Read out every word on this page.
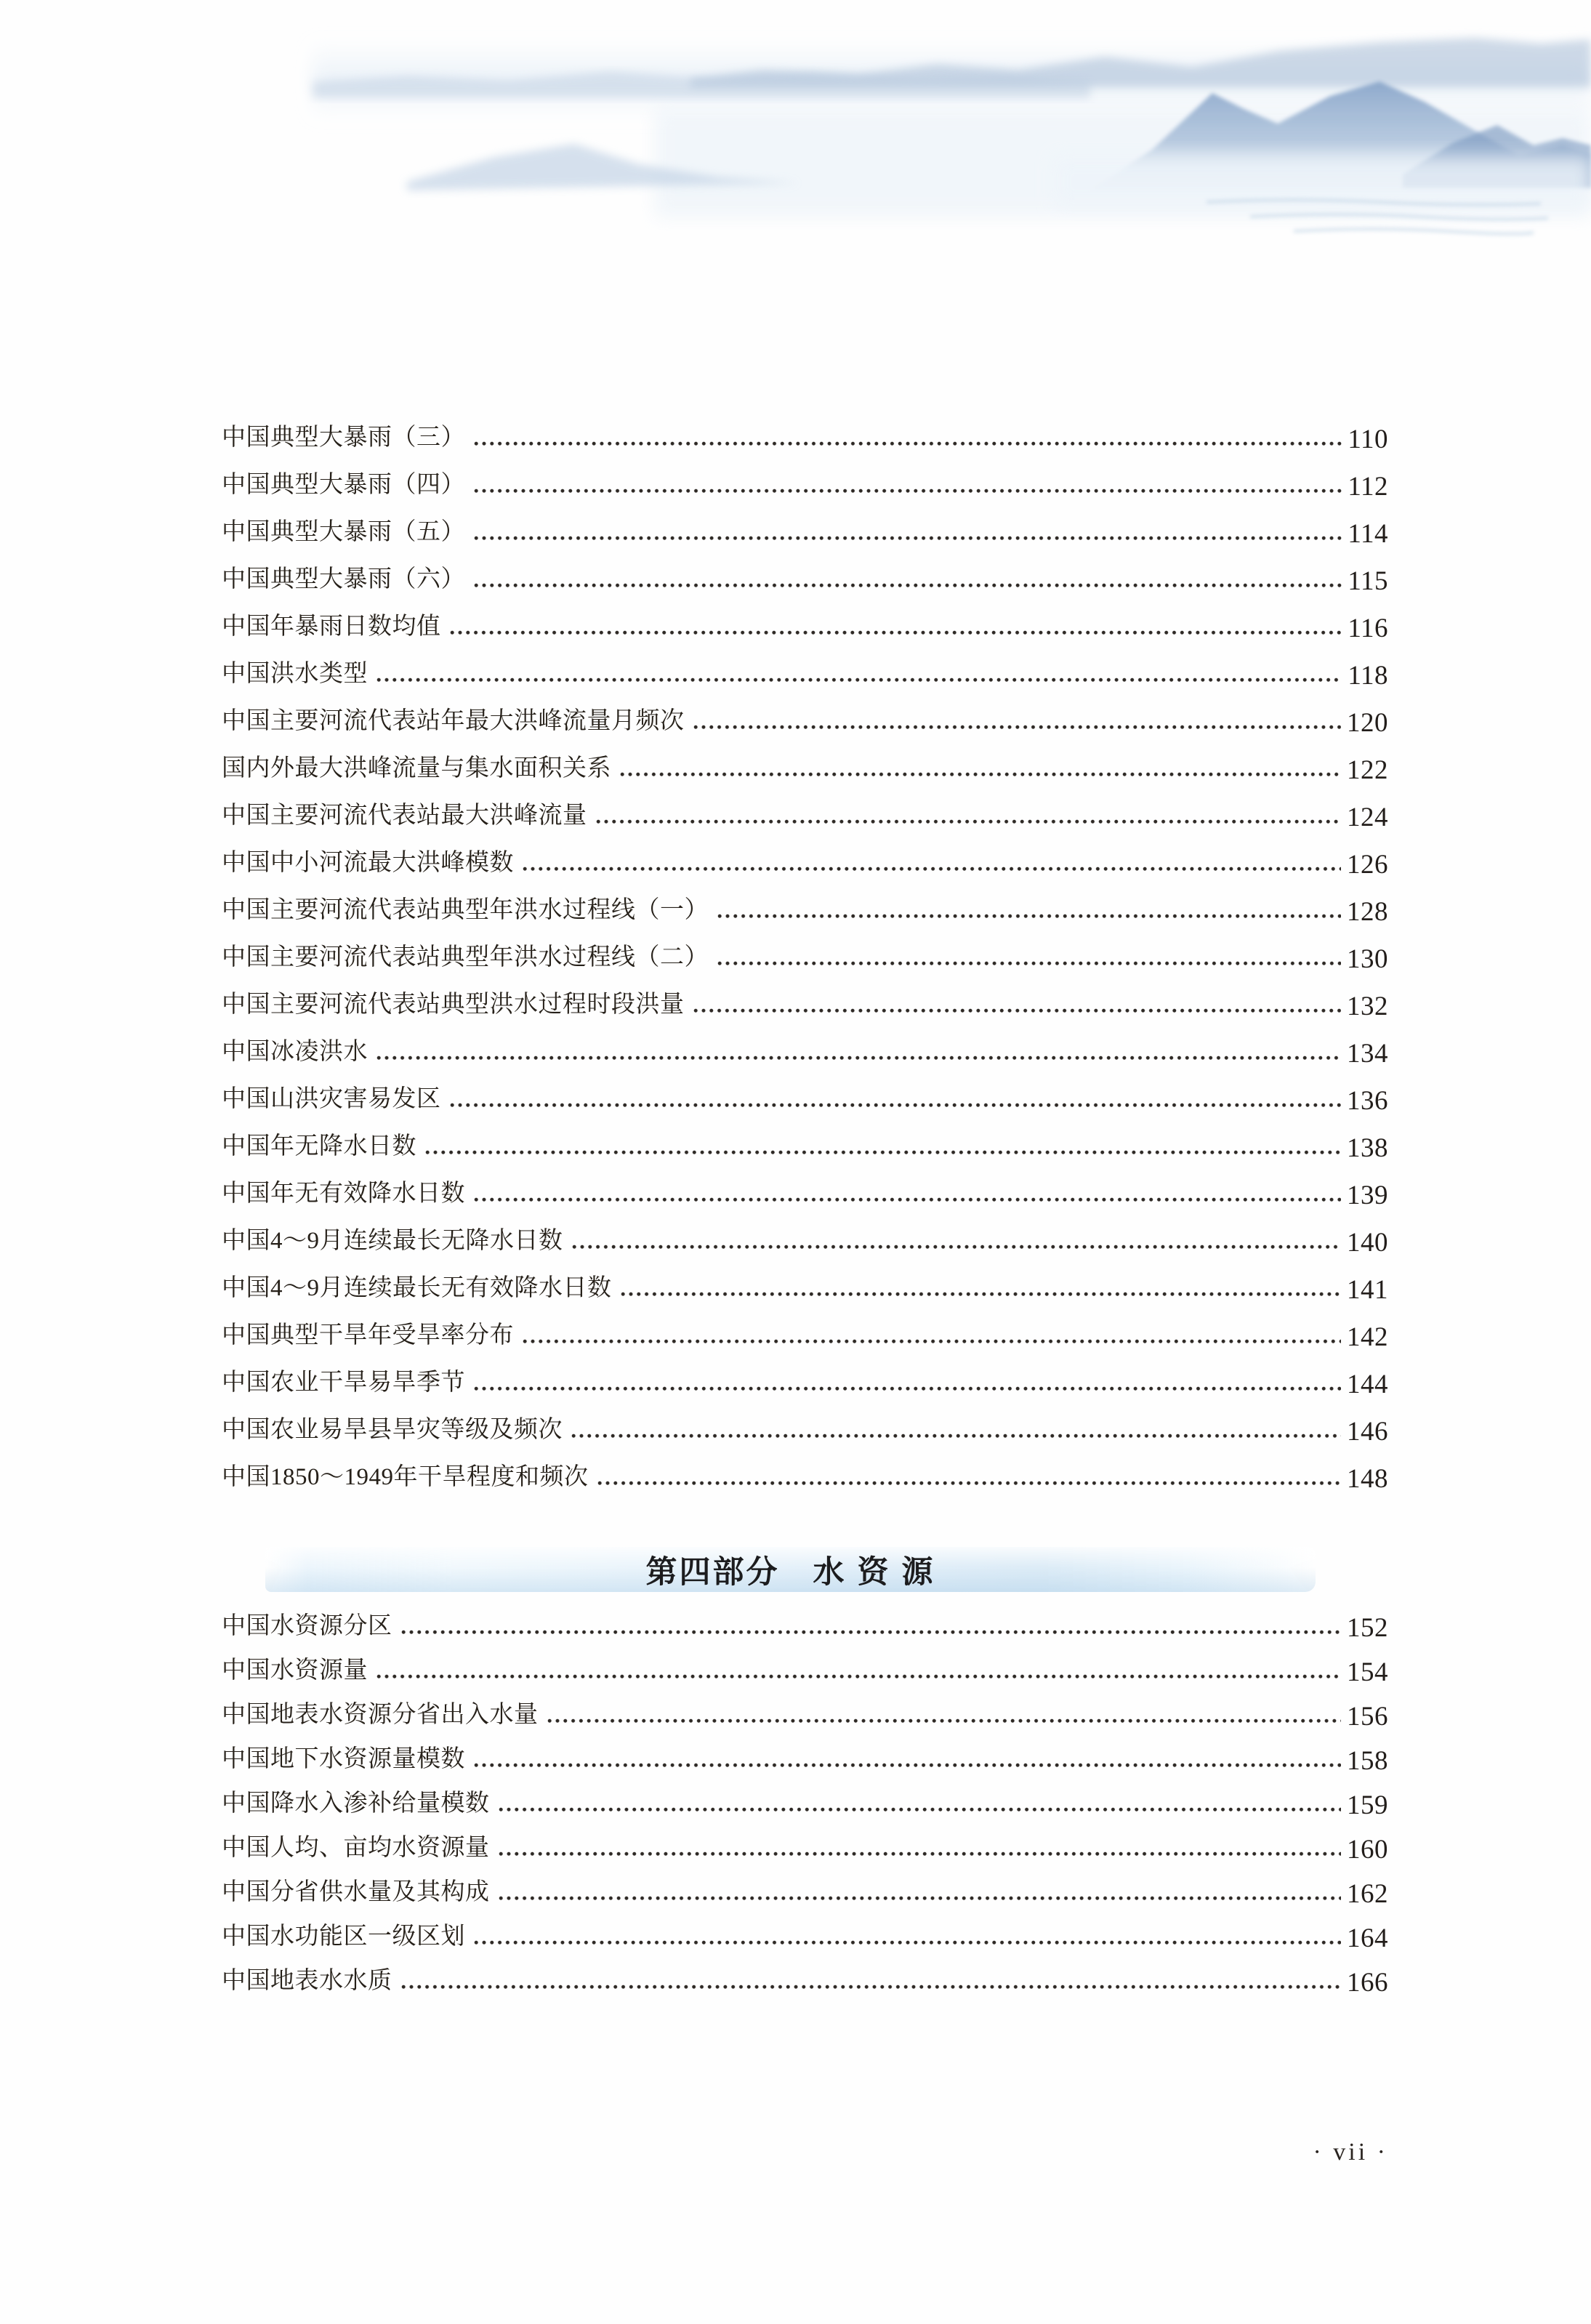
中国典型大暴雨（三）	110
中国典型大暴雨（四）	112
中国典型大暴雨（五）	114
中国典型大暴雨（六）	115
中国年暴雨日数均值	116
中国洪水类型	118
中国主要河流代表站年最大洪峰流量月频次	120
国内外最大洪峰流量与集水面积关系	122
中国主要河流代表站最大洪峰流量	124
中国中小河流最大洪峰模数	126
中国主要河流代表站典型年洪水过程线（一）	128
中国主要河流代表站典型年洪水过程线（二）	130
中国主要河流代表站典型洪水过程时段洪量	132
中国冰凌洪水	134
中国山洪灾害易发区	136
中国年无降水日数	138
中国年无有效降水日数	139
中国4～9月连续最长无降水日数	140
中国4～9月连续最长无有效降水日数	141
中国典型干旱年受旱率分布	142
中国农业干旱易旱季节	144
中国农业易旱县旱灾等级及频次	146
中国1850～1949年干旱程度和频次	148
第四部分　水 资 源
中国水资源分区	152
中国水资源量	154
中国地表水资源分省出入水量	156
中国地下水资源量模数	158
中国降水入渗补给量模数	159
中国人均、亩均水资源量	160
中国分省供水量及其构成	162
中国水功能区一级区划	164
中国地表水水质	166
· vii ·
